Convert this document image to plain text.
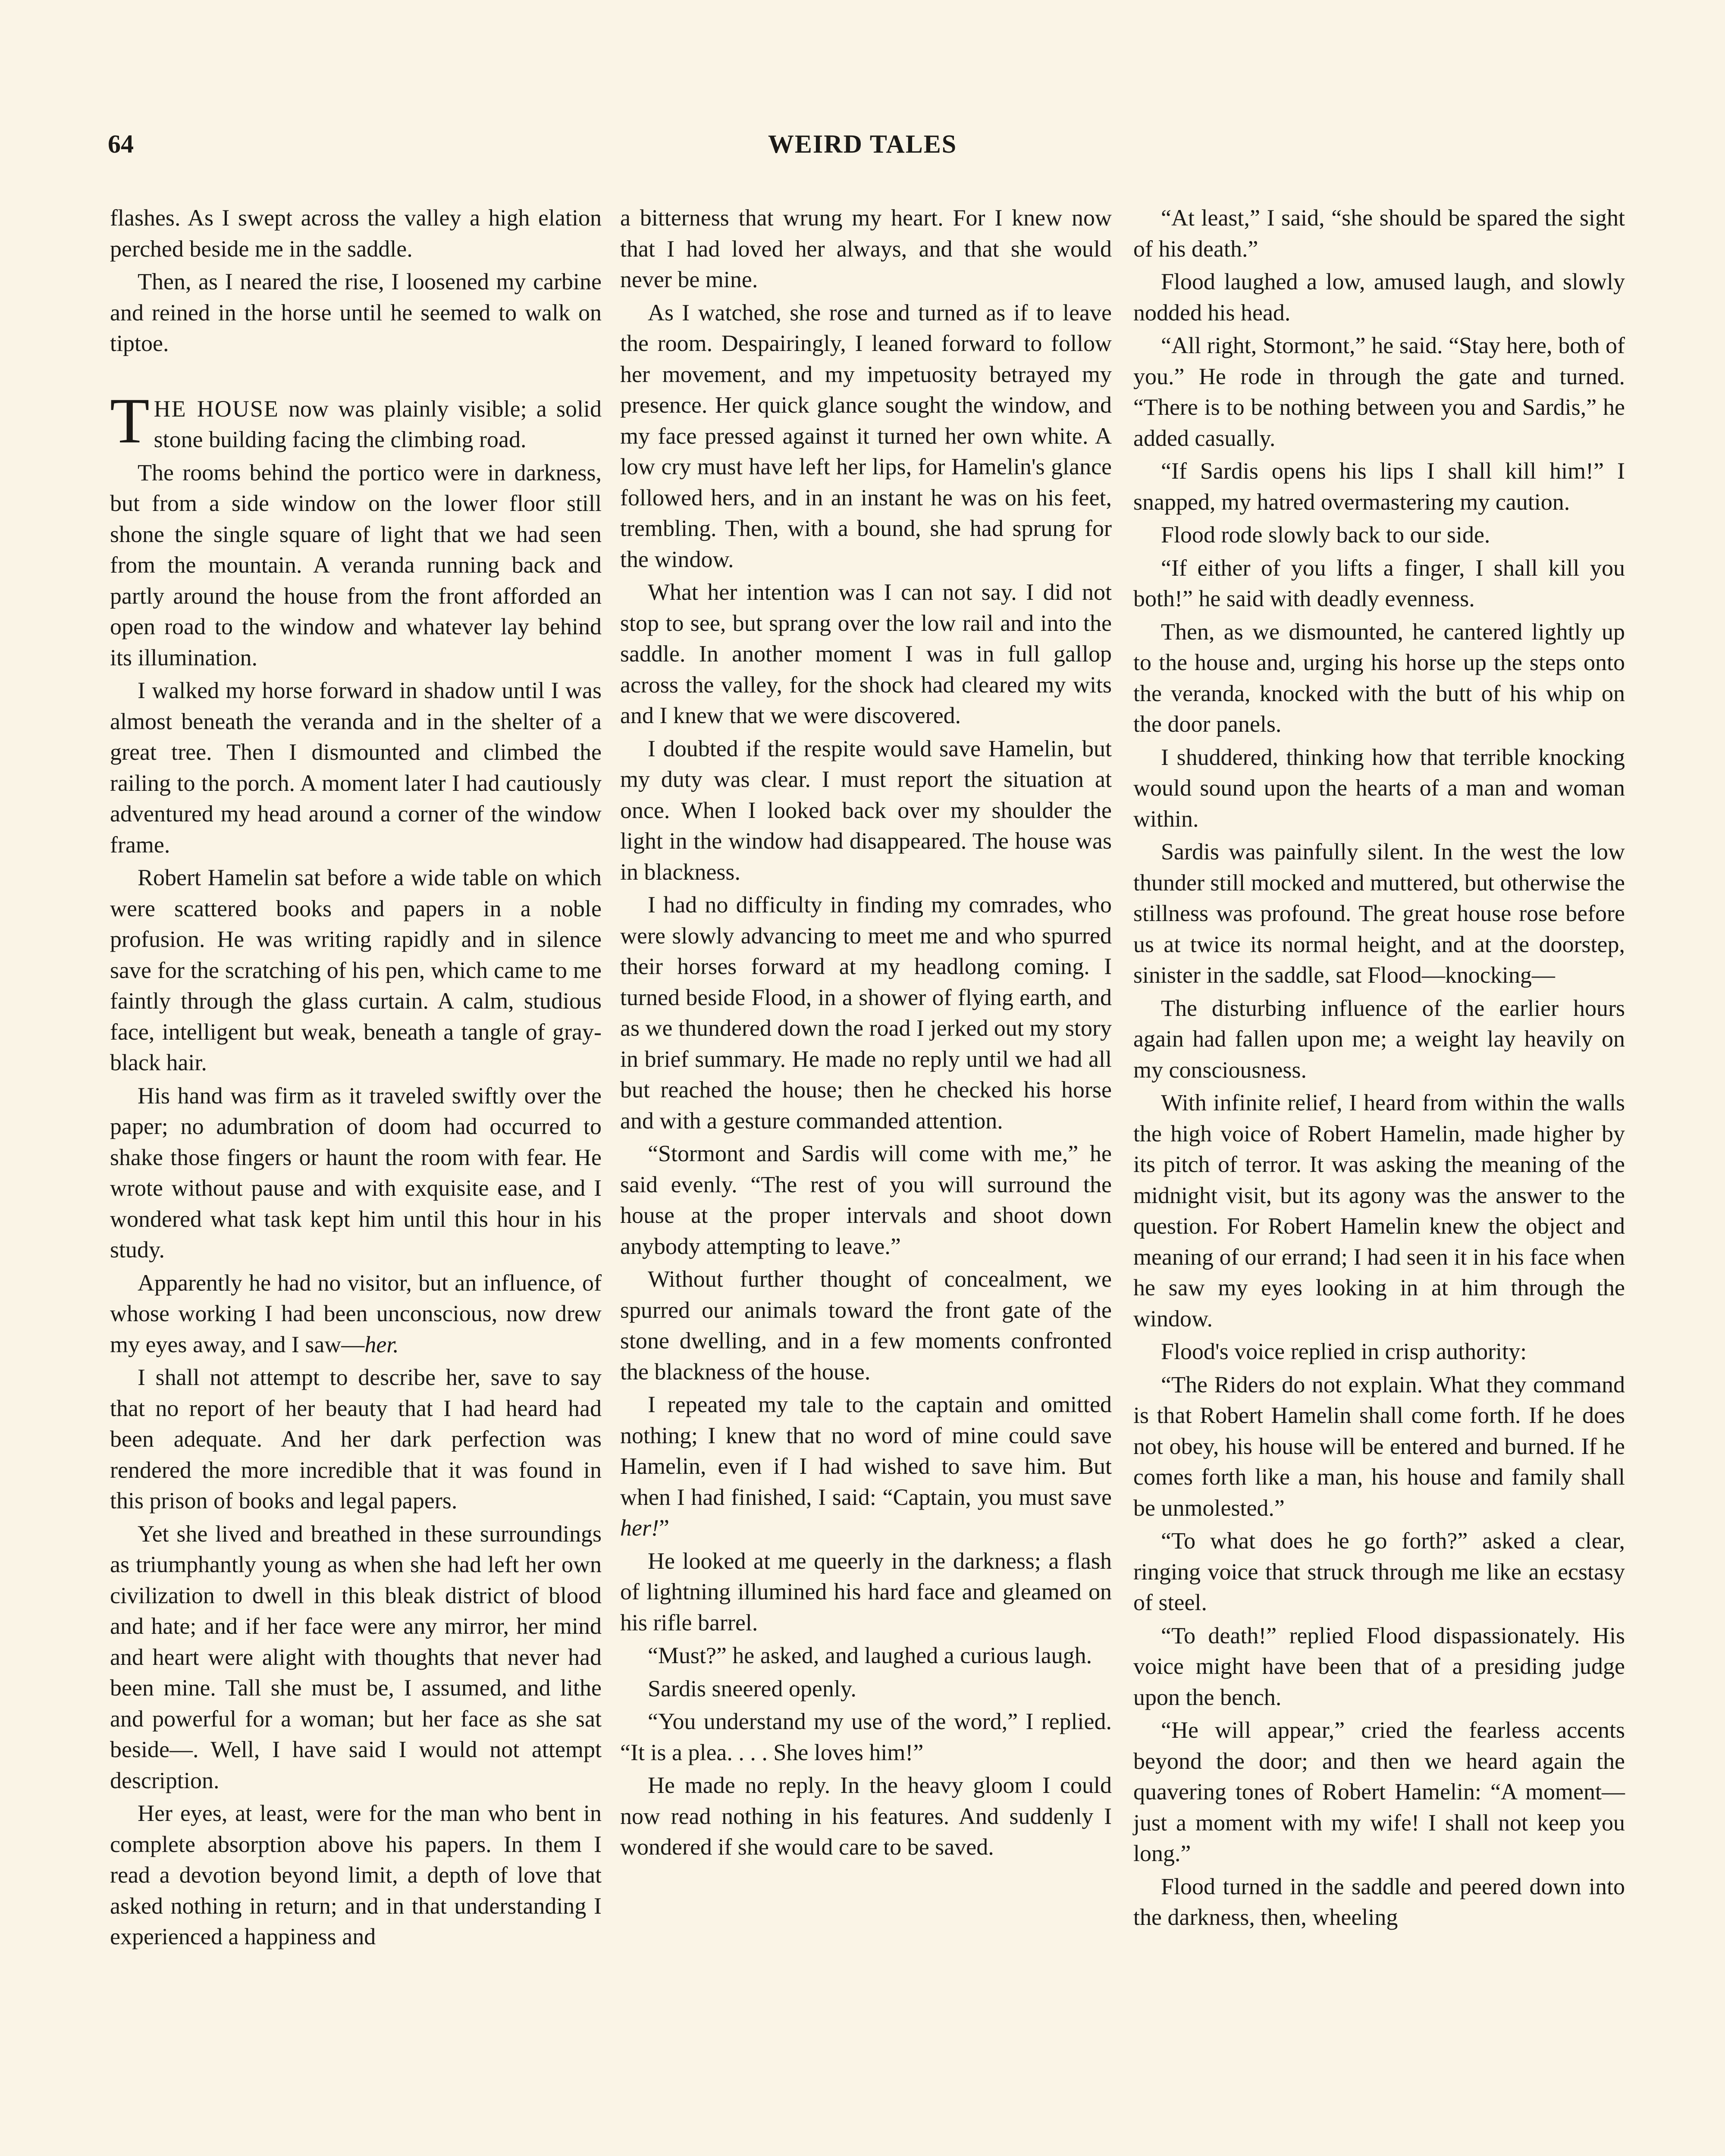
64	WEIRD TALES

flashes. As I swept across the valley a high elation perched beside me in the saddle.

Then, as I neared the rise, I loosened my carbine and reined in the horse until he seemed to walk on tiptoe.

THE HOUSE now was plainly visible; a solid stone building facing the climbing road.

The rooms behind the portico were in darkness, but from a side window on the lower floor still shone the single square of light that we had seen from the mountain. A veranda running back and partly around the house from the front afforded an open road to the window and whatever lay behind its illumination.

I walked my horse forward in shadow until I was almost beneath the veranda and in the shelter of a great tree. Then I dismounted and climbed the railing to the porch. A moment later I had cautiously adventured my head around a corner of the window frame.

Robert Hamelin sat before a wide table on which were scattered books and papers in a noble profusion. He was writing rapidly and in silence save for the scratching of his pen, which came to me faintly through the glass curtain. A calm, studious face, intelligent but weak, beneath a tangle of gray-black hair.

His hand was firm as it traveled swiftly over the paper; no adumbration of doom had occurred to shake those fingers or haunt the room with fear. He wrote without pause and with exquisite ease, and I wondered what task kept him until this hour in his study.

Apparently he had no visitor, but an influence, of whose working I had been unconscious, now drew my eyes away, and I saw—her.

I shall not attempt to describe her, save to say that no report of her beauty that I had heard had been adequate. And her dark perfection was rendered the more incredible that it was found in this prison of books and legal papers.

Yet she lived and breathed in these surroundings as triumphantly young as when she had left her own civilization to dwell in this bleak district of blood and hate; and if her face were any mirror, her mind and heart were alight with thoughts that never had been mine. Tall she must be, I assumed, and lithe and powerful for a woman; but her face as she sat beside—. Well, I have said I would not attempt description.

Her eyes, at least, were for the man who bent in complete absorption above his papers. In them I read a devotion beyond limit, a depth of love that asked nothing in return; and in that understanding I experienced a happiness and

a bitterness that wrung my heart. For I knew now that I had loved her always, and that she would never be mine.

As I watched, she rose and turned as if to leave the room. Despairingly, I leaned forward to follow her movement, and my impetuosity betrayed my presence. Her quick glance sought the window, and my face pressed against it turned her own white. A low cry must have left her lips, for Hamelin's glance followed hers, and in an instant he was on his feet, trembling. Then, with a bound, she had sprung for the window.

What her intention was I can not say. I did not stop to see, but sprang over the low rail and into the saddle. In another moment I was in full gallop across the valley, for the shock had cleared my wits and I knew that we were discovered.

I doubted if the respite would save Hamelin, but my duty was clear. I must report the situation at once. When I looked back over my shoulder the light in the window had disappeared. The house was in blackness.

I had no difficulty in finding my comrades, who were slowly advancing to meet me and who spurred their horses forward at my headlong coming. I turned beside Flood, in a shower of flying earth, and as we thundered down the road I jerked out my story in brief summary. He made no reply until we had all but reached the house; then he checked his horse and with a gesture commanded attention.

“Stormont and Sardis will come with me,” he said evenly. “The rest of you will surround the house at the proper intervals and shoot down anybody attempting to leave.”

Without further thought of concealment, we spurred our animals toward the front gate of the stone dwelling, and in a few moments confronted the blackness of the house.

I repeated my tale to the captain and omitted nothing; I knew that no word of mine could save Hamelin, even if I had wished to save him. But when I had finished, I said: “Captain, you must save her!”

He looked at me queerly in the darkness; a flash of lightning illumined his hard face and gleamed on his rifle barrel.

“Must?” he asked, and laughed a curious laugh.

Sardis sneered openly.

“You understand my use of the word,” I replied. “It is a plea. . . . She loves him!”

He made no reply. In the heavy gloom I could now read nothing in his features. And suddenly I wondered if she would care to be saved.

“At least,” I said, “she should be spared the sight of his death.”

Flood laughed a low, amused laugh, and slowly nodded his head.

“All right, Stormont,” he said. “Stay here, both of you.” He rode in through the gate and turned. “There is to be nothing between you and Sardis,” he added casually.

“If Sardis opens his lips I shall kill him!” I snapped, my hatred overmastering my caution.

Flood rode slowly back to our side.

“If either of you lifts a finger, I shall kill you both!” he said with deadly evenness.

Then, as we dismounted, he cantered lightly up to the house and, urging his horse up the steps onto the veranda, knocked with the butt of his whip on the door panels.

I shuddered, thinking how that terrible knocking would sound upon the hearts of a man and woman within.

Sardis was painfully silent. In the west the low thunder still mocked and muttered, but otherwise the stillness was profound. The great house rose before us at twice its normal height, and at the doorstep, sinister in the saddle, sat Flood—knocking—

The disturbing influence of the earlier hours again had fallen upon me; a weight lay heavily on my consciousness.

With infinite relief, I heard from within the walls the high voice of Robert Hamelin, made higher by its pitch of terror. It was asking the meaning of the midnight visit, but its agony was the answer to the question. For Robert Hamelin knew the object and meaning of our errand; I had seen it in his face when he saw my eyes looking in at him through the window.

Flood's voice replied in crisp authority:

“The Riders do not explain. What they command is that Robert Hamelin shall come forth. If he does not obey, his house will be entered and burned. If he comes forth like a man, his house and family shall be unmolested.”

“To what does he go forth?” asked a clear, ringing voice that struck through me like an ecstasy of steel.

“To death!” replied Flood dispassionately. His voice might have been that of a presiding judge upon the bench.

“He will appear,” cried the fearless accents beyond the door; and then we heard again the quavering tones of Robert Hamelin: “A moment—just a moment with my wife! I shall not keep you long.”

Flood turned in the saddle and peered down into the darkness, then, wheeling
